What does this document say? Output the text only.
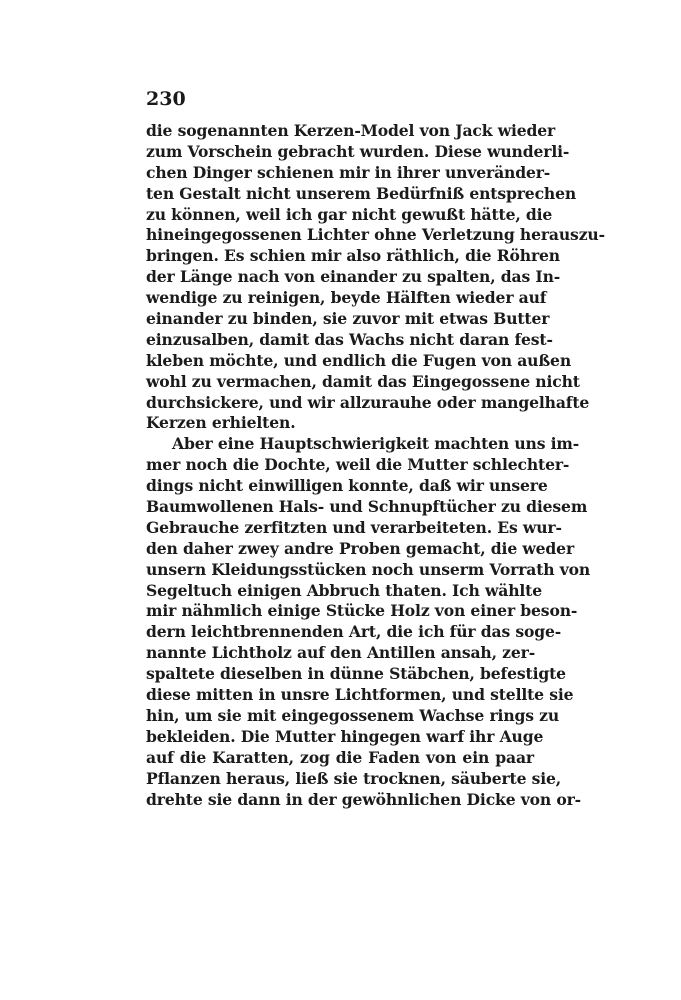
230
die sogenannten Kerzen-Model von Jack wieder
zum Vorschein gebracht wurden. Diese wunderli-
chen Dinger schienen mir in ihrer unveränder-
ten Gestalt nicht unserem Bedürfniß entsprechen
zu können, weil ich gar nicht gewußt hätte, die
hineingegossenen Lichter ohne Verletzung herauszu-
bringen. Es schien mir also räthlich, die Röhren
der Länge nach von einander zu spalten, das In-
wendige zu reinigen, beyde Hälften wieder auf
einander zu binden, sie zuvor mit etwas Butter
einzusalben, damit das Wachs nicht daran fest-
kleben möchte, und endlich die Fugen von außen
wohl zu vermachen, damit das Eingegossene nicht
durchsickere, und wir allzurauhe oder mangelhafte
Kerzen erhielten.
Aber eine Hauptschwierigkeit machten uns im-
mer noch die Dochte, weil die Mutter schlechter-
dings nicht einwilligen konnte, daß wir unsere
Baumwollenen Hals- und Schnupftücher zu diesem
Gebrauche zerfitzten und verarbeiteten. Es wur-
den daher zwey andre Proben gemacht, die weder
unsern Kleidungsstücken noch unserm Vorrath von
Segeltuch einigen Abbruch thaten. Ich wählte
mir nähmlich einige Stücke Holz von einer beson-
dern leichtbrennenden Art, die ich für das soge-
nannte Lichtholz auf den Antillen ansah, zer-
spaltete dieselben in dünne Stäbchen, befestigte
diese mitten in unsre Lichtformen, und stellte sie
hin, um sie mit eingegossenem Wachse rings zu
bekleiden. Die Mutter hingegen warf ihr Auge
auf die Karatten, zog die Faden von ein paar
Pflanzen heraus, ließ sie trocknen, säuberte sie,
drehte sie dann in der gewöhnlichen Dicke von or-
